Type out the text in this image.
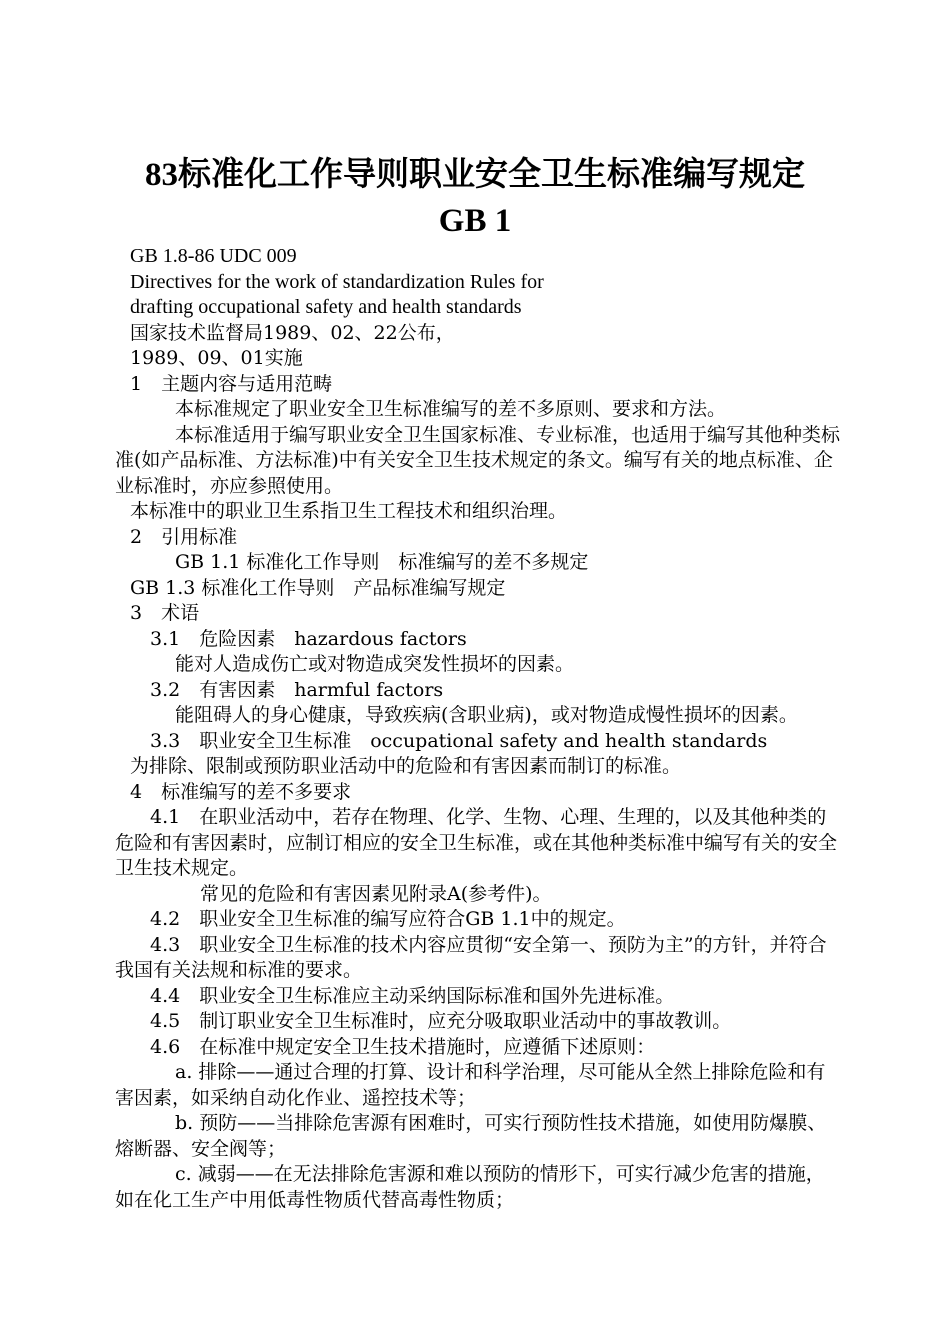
83标准化工作导则职业安全卫生标准编写规定
GB 1

GB 1.8-86 UDC 009

Directives for the work of standardization Rules for

drafting occupational safety and health standards

国家技术监督局1989、02、22公布，

1989、09、01实施

1　主题内容与适用范畴

本标准规定了职业安全卫生标准编写的差不多原则、要求和方法。

本标准适用于编写职业安全卫生国家标准、专业标准，也适用于编写其他种类标准(如产品标准、方法标准)中有关安全卫生技术规定的条文。编写有关的地点标准、企业标准时，亦应参照使用。

本标准中的职业卫生系指卫生工程技术和组织治理。

2　引用标准

GB 1.1 标准化工作导则　标准编写的差不多规定

GB 1.3 标准化工作导则　产品标准编写规定

3　术语

3.1　危险因素　hazardous factors

能对人造成伤亡或对物造成突发性损坏的因素。

3.2　有害因素　harmful factors

能阻碍人的身心健康，导致疾病(含职业病)，或对物造成慢性损坏的因素。

3.3　职业安全卫生标准　occupational safety and health standards

为排除、限制或预防职业活动中的危险和有害因素而制订的标准。

4　标准编写的差不多要求

4.1　在职业活动中，若存在物理、化学、生物、心理、生理的，以及其他种类的危险和有害因素时，应制订相应的安全卫生标准，或在其他种类标准中编写有关的安全卫生技术规定。

常见的危险和有害因素见附录A(参考件)。

4.2　职业安全卫生标准的编写应符合GB 1.1中的规定。

4.3　职业安全卫生标准的技术内容应贯彻“安全第一、预防为主”的方针，并符合我国有关法规和标准的要求。

4.4　职业安全卫生标准应主动采纳国际标准和国外先进标准。

4.5　制订职业安全卫生标准时，应充分吸取职业活动中的事故教训。

4.6　在标准中规定安全卫生技术措施时，应遵循下述原则：

a. 排除——通过合理的打算、设计和科学治理，尽可能从全然上排除危险和有害因素，如采纳自动化作业、遥控技术等；

b. 预防——当排除危害源有困难时，可实行预防性技术措施，如使用防爆膜、熔断器、安全阀等；

c. 减弱——在无法排除危害源和难以预防的情形下，可实行减少危害的措施，如在化工生产中用低毒性物质代替高毒性物质；
